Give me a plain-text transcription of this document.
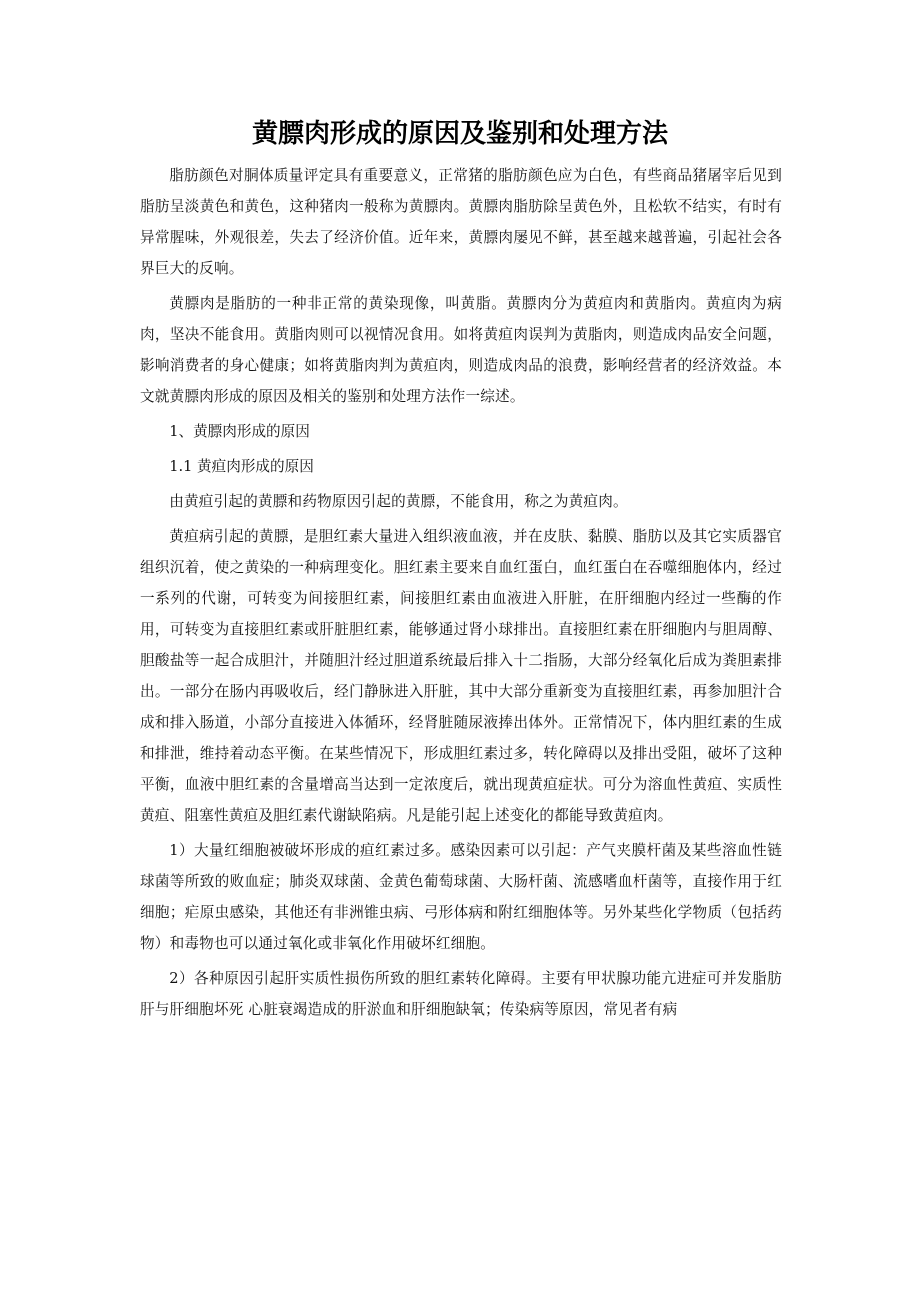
黄膘肉形成的原因及鉴别和处理方法

脂肪颜色对胴体质量评定具有重要意义，正常猪的脂肪颜色应为白色，有些商品猪屠宰后见到脂肪呈淡黄色和黄色，这种猪肉一般称为黄膘肉。黄膘肉脂肪除呈黄色外，且松软不结实，有时有异常腥味，外观很差，失去了经济价值。近年来，黄膘肉屡见不鲜，甚至越来越普遍，引起社会各界巨大的反响。

黄膘肉是脂肪的一种非正常的黄染现像，叫黄脂。黄膘肉分为黄疸肉和黄脂肉。黄疸肉为病肉，坚决不能食用。黄脂肉则可以视情况食用。如将黄疸肉误判为黄脂肉，则造成肉品安全问题，影响消费者的身心健康；如将黄脂肉判为黄疸肉，则造成肉品的浪费，影响经营者的经济效益。本文就黄膘肉形成的原因及相关的鉴别和处理方法作一综述。

1、黄膘肉形成的原因

1.1 黄疸肉形成的原因

由黄疸引起的黄膘和药物原因引起的黄膘，不能食用，称之为黄疸肉。

黄疸病引起的黄膘，是胆红素大量进入组织液血液，并在皮肤、黏膜、脂肪以及其它实质器官组织沉着，使之黄染的一种病理变化。胆红素主要来自血红蛋白，血红蛋白在吞噬细胞体内，经过一系列的代谢，可转变为间接胆红素，间接胆红素由血液进入肝脏，在肝细胞内经过一些酶的作用，可转变为直接胆红素或肝脏胆红素，能够通过肾小球排出。直接胆红素在肝细胞内与胆周醇、胆酸盐等一起合成胆汁，并随胆汁经过胆道系统最后排入十二指肠，大部分经氧化后成为粪胆素排出。一部分在肠内再吸收后，经门静脉进入肝脏，其中大部分重新变为直接胆红素，再参加胆汁合成和排入肠道，小部分直接进入体循环，经肾脏随尿液捧出体外。正常情况下，体内胆红素的生成和排泄，维持着动态平衡。在某些情况下，形成胆红素过多，转化障碍以及排出受阻，破坏了这种平衡，血液中胆红素的含量增高当达到一定浓度后，就出现黄疸症状。可分为溶血性黄疸、实质性黄疸、阻塞性黄疸及胆红素代谢缺陷病。凡是能引起上述变化的都能导致黄疸肉。

1）大量红细胞被破坏形成的疸红素过多。感染因素可以引起：产气夹膜杆菌及某些溶血性链球菌等所致的败血症；肺炎双球菌、金黄色葡萄球菌、大肠杆菌、流感嗜血杆菌等，直接作用于红细胞；疟原虫感染，其他还有非洲锥虫病、弓形体病和附红细胞体等。另外某些化学物质（包括药物）和毒物也可以通过氧化或非氧化作用破坏红细胞。

2）各种原因引起肝实质性损伤所致的胆红素转化障碍。主要有甲状腺功能亢进症可并发脂肪肝与肝细胞坏死 心脏衰竭造成的肝淤血和肝细胞缺氧；传染病等原因，常见者有病
